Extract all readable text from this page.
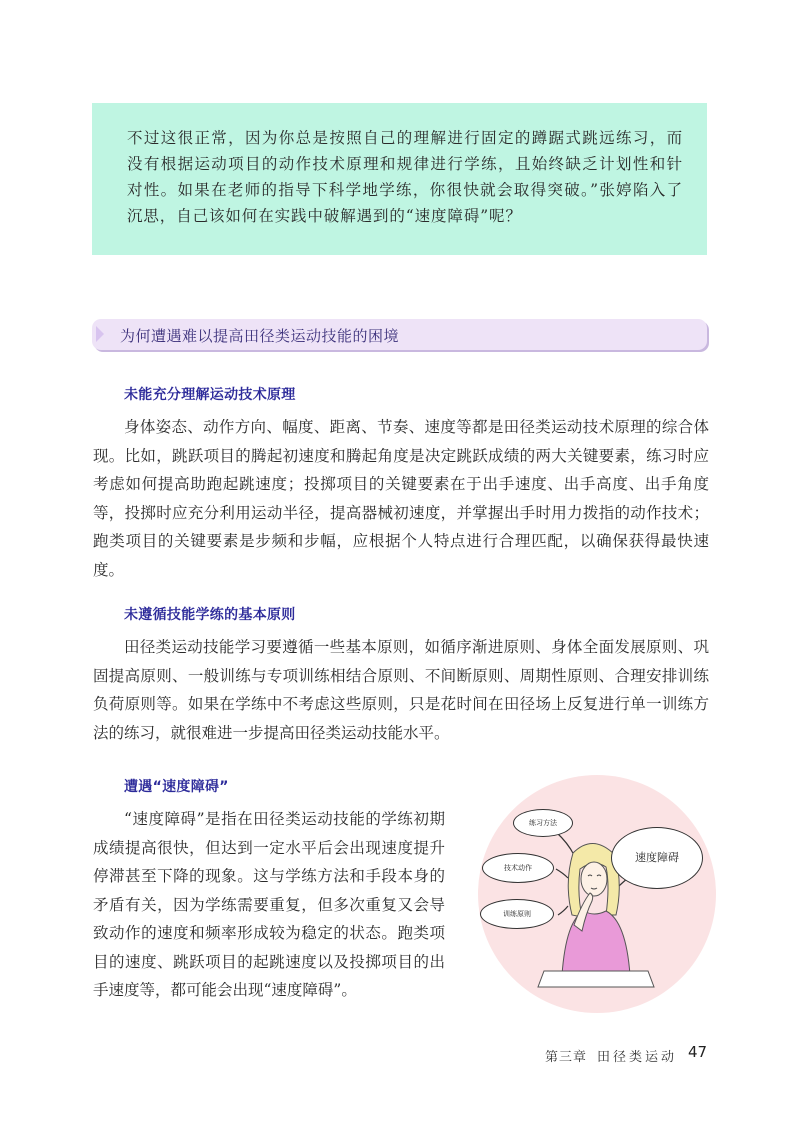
不过这很正常，因为你总是按照自己的理解进行固定的蹲踞式跳远练习，而没有根据运动项目的动作技术原理和规律进行学练，且始终缺乏计划性和针对性。如果在老师的指导下科学地学练，你很快就会取得突破。”张婷陷入了沉思，自己该如何在实践中破解遇到的“速度障碍”呢？
为何遭遇难以提高田径类运动技能的困境
未能充分理解运动技术原理
身体姿态、动作方向、幅度、距离、节奏、速度等都是田径类运动技术原理的综合体现。比如，跳跃项目的腾起初速度和腾起角度是决定跳跃成绩的两大关键要素，练习时应考虑如何提高助跑起跳速度；投掷项目的关键要素在于出手速度、出手高度、出手角度等，投掷时应充分利用运动半径，提高器械初速度，并掌握出手时用力拨指的动作技术；跑类项目的关键要素是步频和步幅，应根据个人特点进行合理匹配，以确保获得最快速度。
未遵循技能学练的基本原则
田径类运动技能学习要遵循一些基本原则，如循序渐进原则、身体全面发展原则、巩固提高原则、一般训练与专项训练相结合原则、不间断原则、周期性原则、合理安排训练负荷原则等。如果在学练中不考虑这些原则，只是花时间在田径场上反复进行单一训练方法的练习，就很难进一步提高田径类运动技能水平。
遭遇“速度障碍”
“速度障碍”是指在田径类运动技能的学练初期成绩提高很快，但达到一定水平后会出现速度提升停滞甚至下降的现象。这与学练方法和手段本身的矛盾有关，因为学练需要重复，但多次重复又会导致动作的速度和频率形成较为稳定的状态。跑类项目的速度、跳跃项目的起跳速度以及投掷项目的出手速度等，都可能会出现“速度障碍”。
练习方法
技术动作
速度障碍
训练原则
第三章 田径类运动 47
